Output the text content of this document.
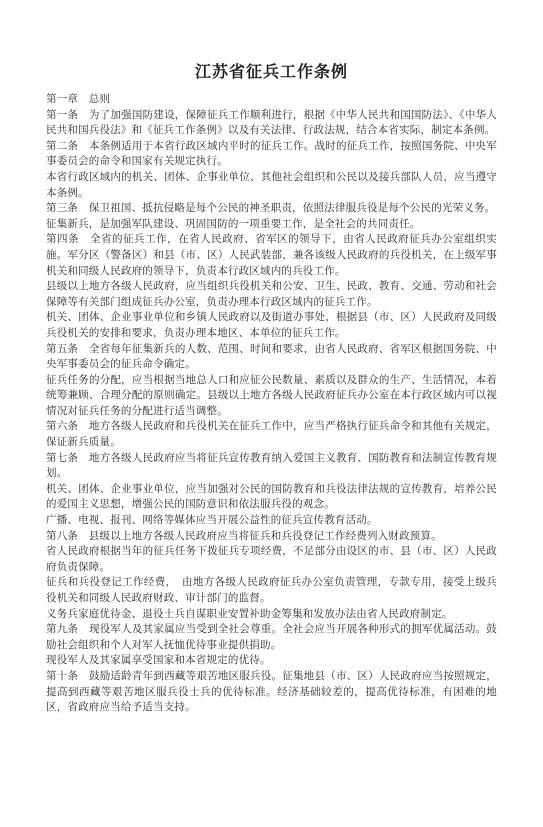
江苏省征兵工作条例

第一章　总则

第一条　为了加强国防建设，保障征兵工作顺利进行，根据《中华人民共和国国防法》、《中华人民共和国兵役法》和《征兵工作条例》以及有关法律、行政法规，结合本省实际，制定本条例。

第二条　本条例适用于本省行政区域内平时的征兵工作。战时的征兵工作，按照国务院、中央军事委员会的命令和国家有关规定执行。

本省行政区域内的机关、团体、企事业单位、其他社会组织和公民以及接兵部队人员，应当遵守本条例。

第三条　保卫祖国、抵抗侵略是每个公民的神圣职责，依照法律服兵役是每个公民的光荣义务。

征集新兵，是加强军队建设、巩固国防的一项重要工作，是全社会的共同责任。

第四条　全省的征兵工作，在省人民政府、省军区的领导下，由省人民政府征兵办公室组织实施。军分区（警备区）和县（市、区）人民武装部，兼各该级人民政府的兵役机关，在上级军事机关和同级人民政府的领导下，负责本行政区域内的兵役工作。

县级以上地方各级人民政府，应当组织兵役机关和公安、卫生、民政、教育、交通、劳动和社会保障等有关部门组成征兵办公室，负责办理本行政区域内的征兵工作。

机关、团体、企业事业单位和乡镇人民政府以及街道办事处，根据县（市、区）人民政府及同级兵役机关的安排和要求，负责办理本地区、本单位的征兵工作。

第五条　全省每年征集新兵的人数、范围、时间和要求，由省人民政府、省军区根据国务院、中央军事委员会的征兵命令确定。

征兵任务的分配，应当根据当地总人口和应征公民数量、素质以及群众的生产、生活情况，本着统筹兼顾、合理分配的原则确定。县级以上地方各级人民政府征兵办公室在本行政区域内可以视情况对征兵任务的分配进行适当调整。

第六条　地方各级人民政府和兵役机关在征兵工作中，应当严格执行征兵命令和其他有关规定，保证新兵质量。

第七条　地方各级人民政府应当将征兵宣传教育纳入爱国主义教育、国防教育和法制宣传教育规划。

机关、团体、企业事业单位，应当加强对公民的国防教育和兵役法律法规的宣传教育，培养公民的爱国主义思想，增强公民的国防意识和依法服兵役的观念。

广播、电视、报刊、网络等媒体应当开展公益性的征兵宣传教育活动。

第八条　县级以上地方各级人民政府应当将征兵和兵役登记工作经费列入财政预算。

省人民政府根据当年的征兵任务下拨征兵专项经费，不足部分由设区的市、县（市、区）人民政府负责保障。

征兵和兵役登记工作经费，　由地方各级人民政府征兵办公室负责管理，专款专用，接受上级兵役机关和同级人民政府财政、审计部门的监督。

义务兵家庭优待金、退役士兵自谋职业安置补助金筹集和发放办法由省人民政府制定。

第九条　现役军人及其家属应当受到全社会尊重。全社会应当开展各种形式的拥军优属活动。鼓励社会组织和个人对军人抚恤优待事业提供捐助。

现役军人及其家属享受国家和本省规定的优待。

第十条　鼓励适龄青年到西藏等艰苦地区服兵役。征集地县（市、区）人民政府应当按照规定，提高到西藏等艰苦地区服兵役士兵的优待标准。经济基础较差的，提高优待标准，有困难的地区，省政府应当给予适当支持。
